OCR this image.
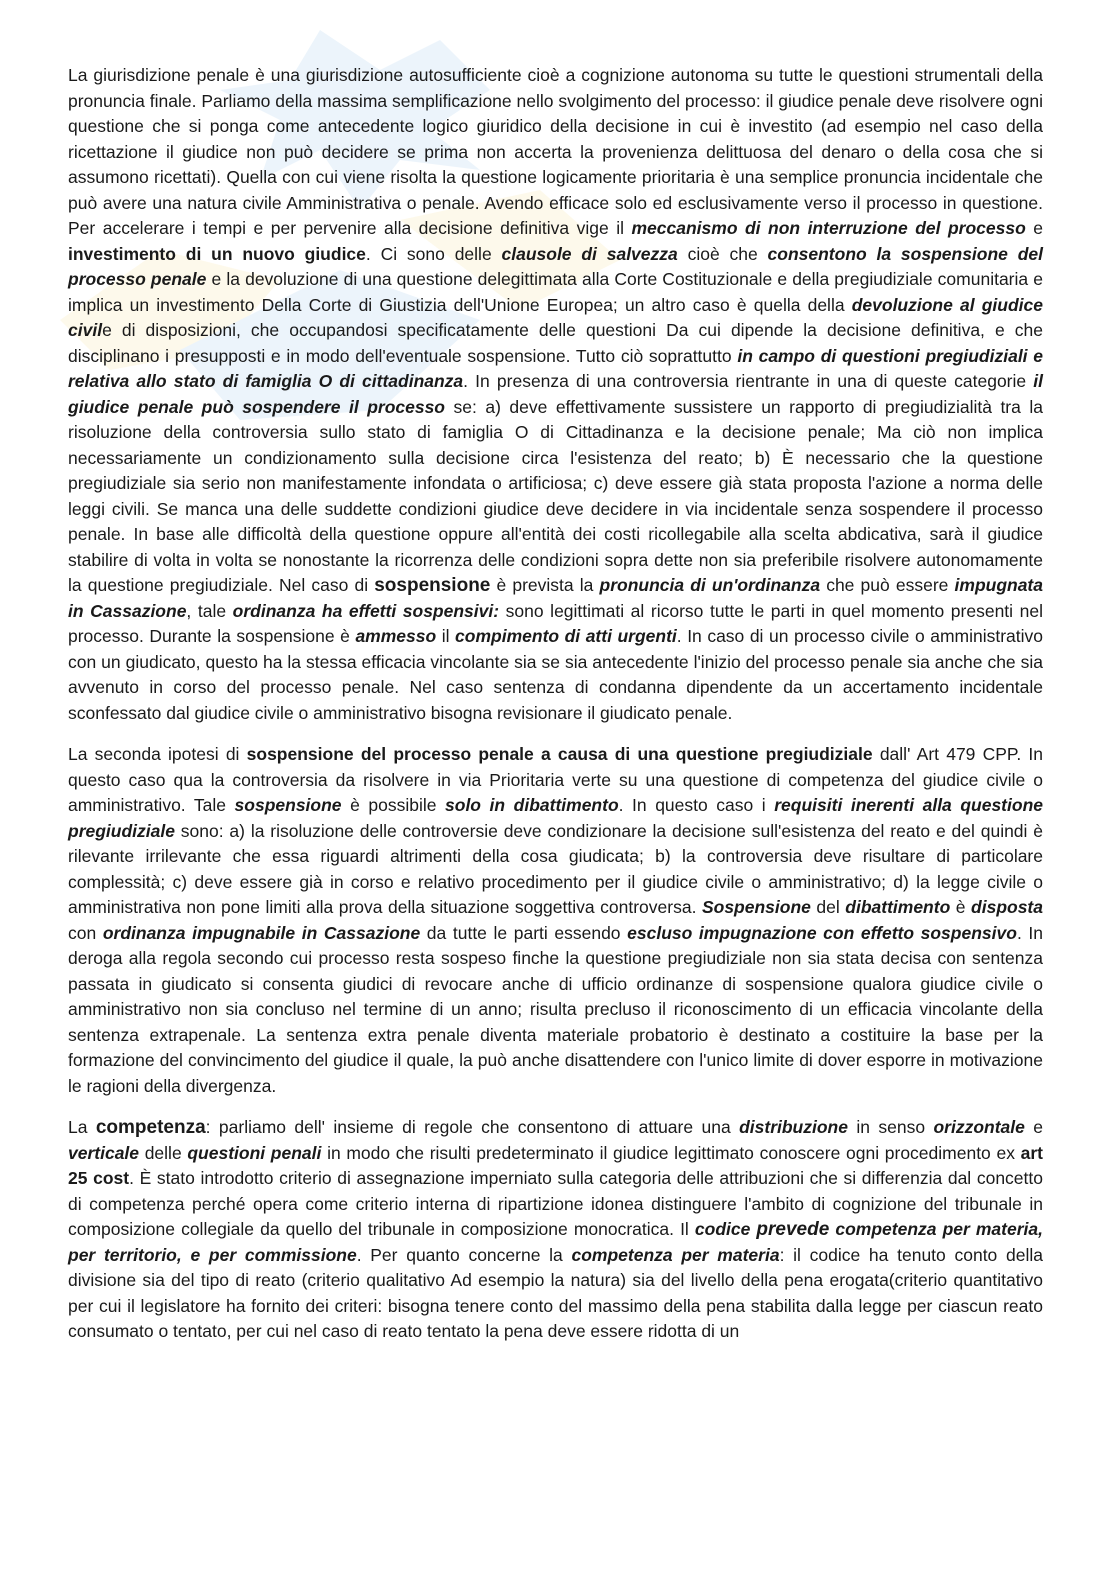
La giurisdizione penale è una giurisdizione autosufficiente cioè a cognizione autonoma su tutte le questioni strumentali della pronuncia finale. Parliamo della massima semplificazione nello svolgimento del processo: il giudice penale deve risolvere ogni questione che si ponga come antecedente logico giuridico della decisione in cui è investito (ad esempio nel caso della ricettazione il giudice non può decidere se prima non accerta la provenienza delittuosa del denaro o della cosa che si assumono ricettati). Quella con cui viene risolta la questione logicamente prioritaria è una semplice pronuncia incidentale che può avere una natura civile Amministrativa o penale. Avendo efficace solo ed esclusivamente verso il processo in questione. Per accelerare i tempi e per pervenire alla decisione definitiva vige il meccanismo di non interruzione del processo e investimento di un nuovo giudice. Ci sono delle clausole di salvezza cioè che consentono la sospensione del processo penale e la devoluzione di una questione delegittimata alla Corte Costituzionale e della pregiudiziale comunitaria e implica un investimento Della Corte di Giustizia dell'Unione Europea; un altro caso è quella della devoluzione al giudice civile di disposizioni, che occupandosi specificatamente delle questioni Da cui dipende la decisione definitiva, e che disciplinano i presupposti e in modo dell'eventuale sospensione. Tutto ciò soprattutto in campo di questioni pregiudiziali e relativa allo stato di famiglia O di cittadinanza. In presenza di una controversia rientrante in una di queste categorie il giudice penale può sospendere il processo se: a) deve effettivamente sussistere un rapporto di pregiudizialità tra la risoluzione della controversia sullo stato di famiglia O di Cittadinanza e la decisione penale; Ma ciò non implica necessariamente un condizionamento sulla decisione circa l'esistenza del reato; b) È necessario che la questione pregiudiziale sia serio non manifestamente infondata o artificiosa; c) deve essere già stata proposta l'azione a norma delle leggi civili. Se manca una delle suddette condizioni giudice deve decidere in via incidentale senza sospendere il processo penale. In base alle difficoltà della questione oppure all'entità dei costi ricollegabile alla scelta abdicativa, sarà il giudice stabilire di volta in volta se nonostante la ricorrenza delle condizioni sopra dette non sia preferibile risolvere autonomamente la questione pregiudiziale. Nel caso di sospensione è prevista la pronuncia di un'ordinanza che può essere impugnata in Cassazione, tale ordinanza ha effetti sospensivi: sono legittimati al ricorso tutte le parti in quel momento presenti nel processo. Durante la sospensione è ammesso il compimento di atti urgenti. In caso di un processo civile o amministrativo con un giudicato, questo ha la stessa efficacia vincolante sia se sia antecedente l'inizio del processo penale sia anche che sia avvenuto in corso del processo penale. Nel caso sentenza di condanna dipendente da un accertamento incidentale sconfessato dal giudice civile o amministrativo bisogna revisionare il giudicato penale.

La seconda ipotesi di sospensione del processo penale a causa di una questione pregiudiziale dall' Art 479 CPP. In questo caso qua la controversia da risolvere in via Prioritaria verte su una questione di competenza del giudice civile o amministrativo. Tale sospensione è possibile solo in dibattimento. In questo caso i requisiti inerenti alla questione pregiudiziale sono: a) la risoluzione delle controversie deve condizionare la decisione sull'esistenza del reato e del quindi è rilevante irrilevante che essa riguardi altrimenti della cosa giudicata; b) la controversia deve risultare di particolare complessità; c) deve essere già in corso e relativo procedimento per il giudice civile o amministrativo; d) la legge civile o amministrativa non pone limiti alla prova della situazione soggettiva controversa. Sospensione del dibattimento è disposta con ordinanza impugnabile in Cassazione da tutte le parti essendo escluso impugnazione con effetto sospensivo. In deroga alla regola secondo cui processo resta sospeso finche la questione pregiudiziale non sia stata decisa con sentenza passata in giudicato si consenta giudici di revocare anche di ufficio ordinanze di sospensione qualora giudice civile o amministrativo non sia concluso nel termine di un anno; risulta precluso il riconoscimento di un efficacia vincolante della sentenza extrapenale. La sentenza extra penale diventa materiale probatorio è destinato a costituire la base per la formazione del convincimento del giudice il quale, la può anche disattendere con l'unico limite di dover esporre in motivazione le ragioni della divergenza.

La competenza: parliamo dell' insieme di regole che consentono di attuare una distribuzione in senso orizzontale e verticale delle questioni penali in modo che risulti predeterminato il giudice legittimato conoscere ogni procedimento ex art 25 cost. È stato introdotto criterio di assegnazione imperniato sulla categoria delle attribuzioni che si differenzia dal concetto di competenza perché opera come criterio interna di ripartizione idonea distinguere l'ambito di cognizione del tribunale in composizione collegiale da quello del tribunale in composizione monocratica. Il codice prevede competenza per materia, per territorio, e per commissione. Per quanto concerne la competenza per materia: il codice ha tenuto conto della divisione sia del tipo di reato (criterio qualitativo Ad esempio la natura) sia del livello della pena erogata(criterio quantitativo per cui il legislatore ha fornito dei criteri: bisogna tenere conto del massimo della pena stabilita dalla legge per ciascun reato consumato o tentato, per cui nel caso di reato tentato la pena deve essere ridotta di un
